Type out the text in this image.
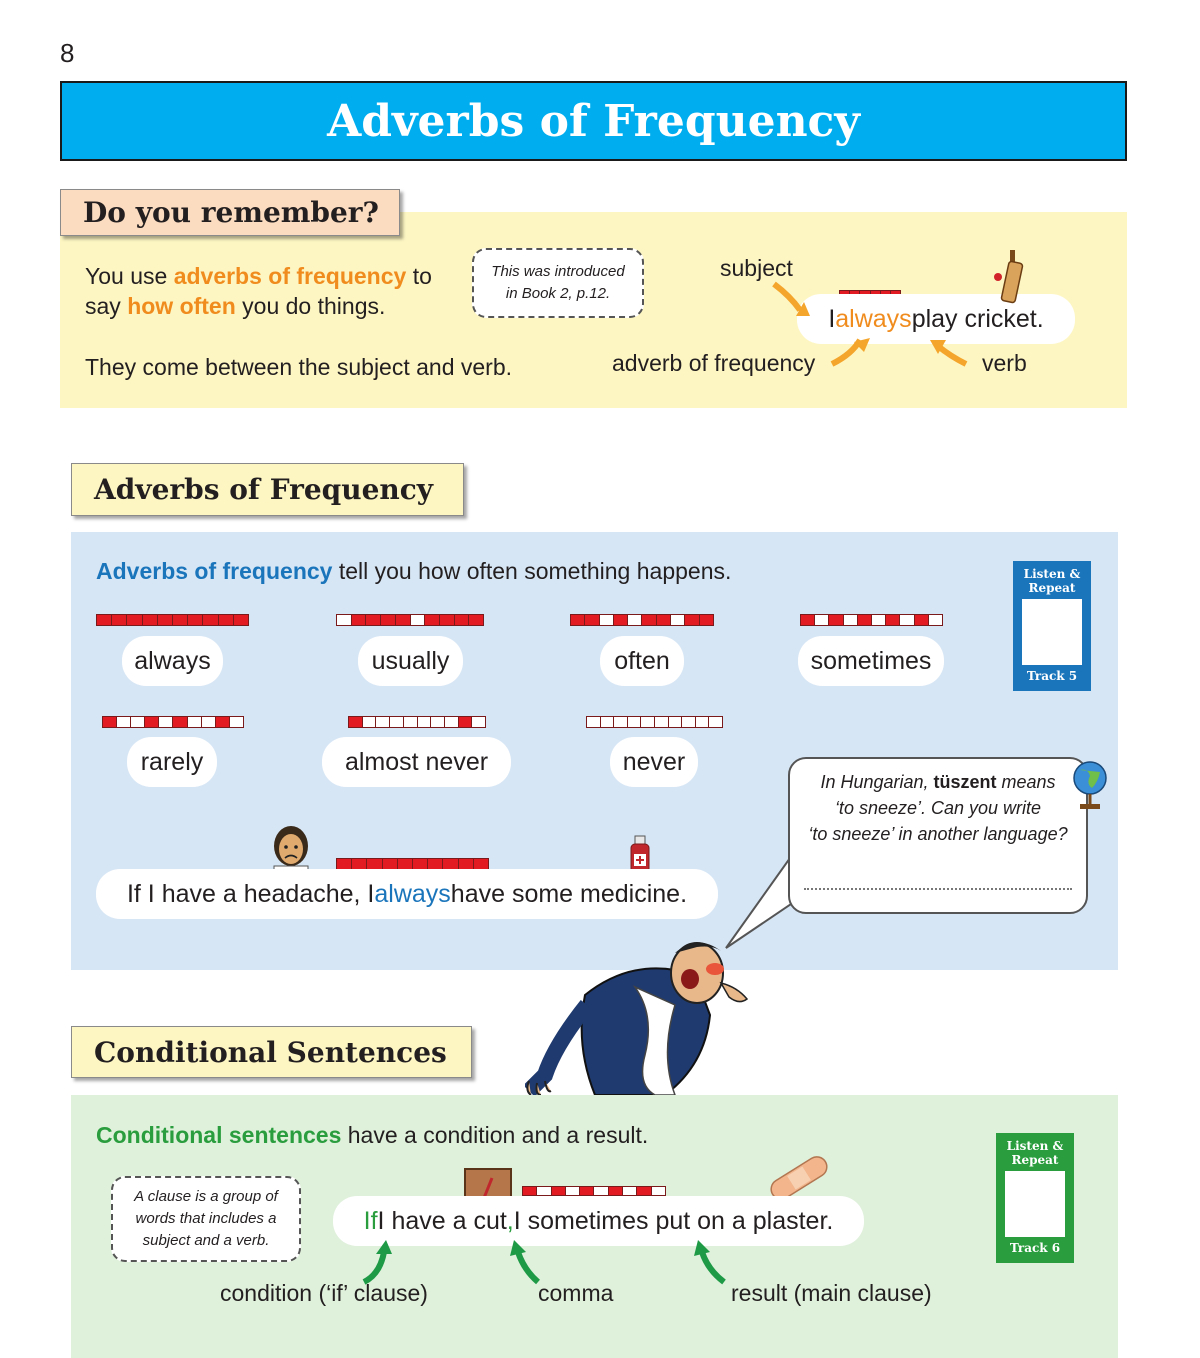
8
Adverbs of Frequency
Do you remember?
You use adverbs of frequency to
say how often you do things.
They come between the subject and verb.
This was introduced
in Book 2, p.12.
subject
adverb of frequency	verb
I always play cricket.
Adverbs of Frequency
Adverbs of frequency tell you how often something happens.	Listen &
Repeat
Track 5
always	usually	often	sometimes
rarely	almost never	never
If I have a headache, I always have some medicine.
In Hungarian, tüszent means
‘to sneeze’. Can you write
‘to sneeze’ in another language?
Conditional Sentences
Conditional sentences have a condition and a result.
A clause is a group of
words that includes a
subject and a verb.
Listen &
Repeat
Track 6
If I have a cut , I sometimes put on a plaster.
condition (‘if’ clause)	comma	result (main clause)
